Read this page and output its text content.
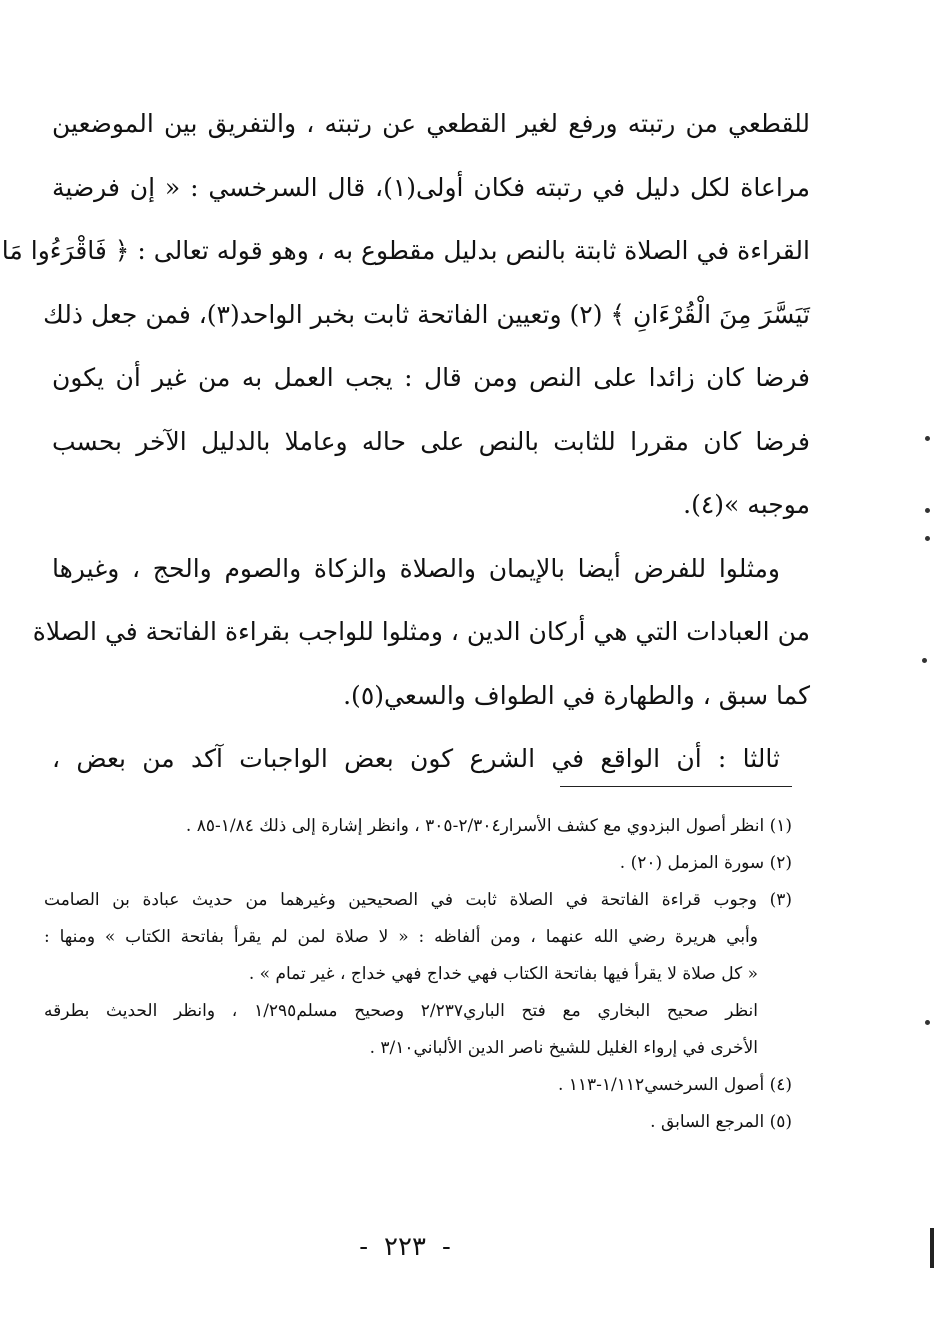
للقطعي من رتبته ورفع لغير القطعي عن رتبته ، والتفريق بين الموضعين
مراعاة لكل دليل في رتبته فكان أولى(١)، قال السرخسي : « إن فرضية
القراءة في الصلاة ثابتة بالنص بدليل مقطوع به ، وهو قوله تعالى : ﴿ فَاقْرَءُوا مَا
تَيَسَّرَ مِنَ الْقُرْءَانِ ﴾ (٢) وتعيين الفاتحة ثابت بخبر الواحد(٣)، فمن جعل ذلك
فرضا كان زائدا على النص ومن قال : يجب العمل به من غير أن يكون
فرضا كان مقررا للثابت بالنص على حاله وعاملا بالدليل الآخر بحسب
موجبه »(٤).
ومثلوا للفرض أيضا بالإيمان والصلاة والزكاة والصوم والحج ، وغيرها
من العبادات التي هي أركان الدين ، ومثلوا للواجب بقراءة الفاتحة في الصلاة
كما سبق ، والطهارة في الطواف والسعي(٥).
ثالثا : أن الواقع في الشرع كون بعض الواجبات آكد من بعض ،
(١) انظر أصول البزدوي مع كشف الأسرار٢/٣٠٤-٣٠٥ ، وانظر إشارة إلى ذلك ١/٨٤-٨٥ .
(٢) سورة المزمل (٢٠) .
(٣) وجوب قراءة الفاتحة في الصلاة ثابت في الصحيحين وغيرهما من حديث عبادة بن الصامت
وأبي هريرة رضي الله عنهما ، ومن ألفاظه : « لا صلاة لمن لم يقرأ بفاتحة الكتاب » ومنها :
« كل صلاة لا يقرأ فيها بفاتحة الكتاب فهي خداج فهي خداج ، غير تمام » .
انظر صحيح البخاري مع فتح الباري٢/٢٣٧ وصحيح مسلم١/٢٩٥ ، وانظر الحديث بطرقه
الأخرى في إرواء الغليل للشيخ ناصر الدين الألباني٣/١٠ .
(٤) أصول السرخسي١/١١٢-١١٣ .
(٥) المرجع السابق .
-٢٢٣-
